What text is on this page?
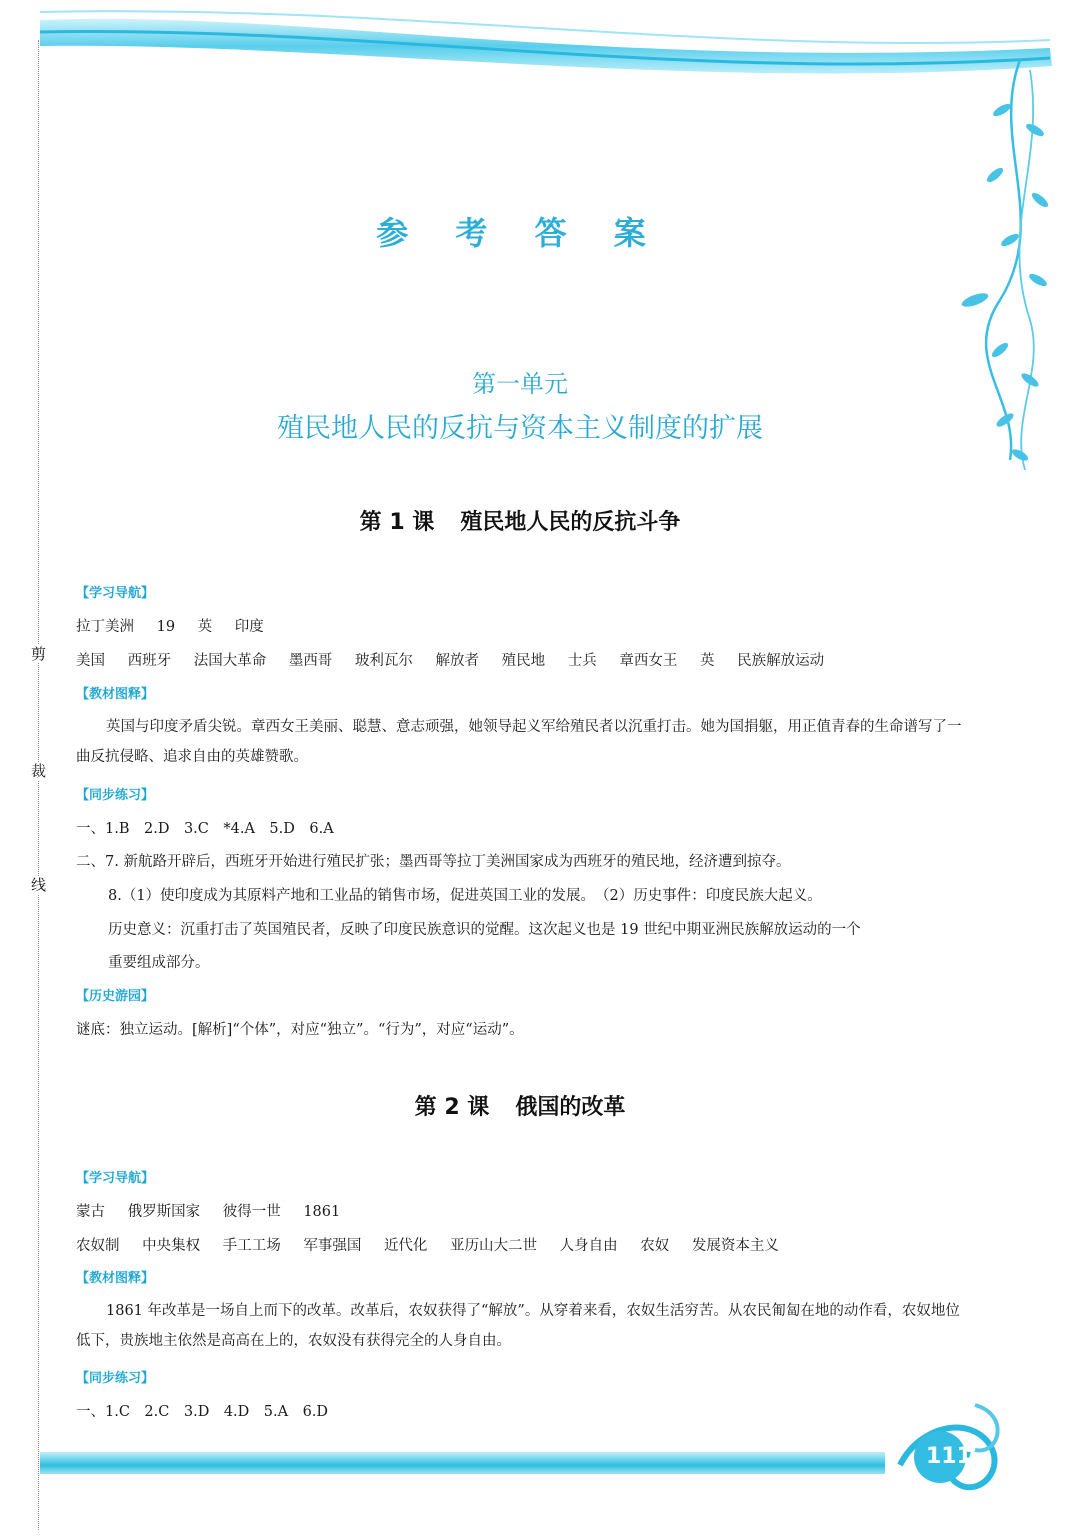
剪
裁
线
参 考 答 案
第一单元
殖民地人民的反抗与资本主义制度的扩展
第 1 课 殖民地人民的反抗斗争
【学习导航】
拉丁美洲 19 英 印度
美国 西班牙 法国大革命 墨西哥 玻利瓦尔 解放者 殖民地 士兵 章西女王 英 民族解放运动
【教材图释】
英国与印度矛盾尖锐。章西女王美丽、聪慧、意志顽强，她领导起义军给殖民者以沉重打击。她为国捐躯，用正值青春的生命谱写了一曲反抗侵略、追求自由的英雄赞歌。
【同步练习】
一、1.B　2.D　3.C　*4.A　5.D　6.A
二、7. 新航路开辟后，西班牙开始进行殖民扩张；墨西哥等拉丁美洲国家成为西班牙的殖民地，经济遭到掠夺。
8.（1）使印度成为其原料产地和工业品的销售市场，促进英国工业的发展。　（2）历史事件：印度民族大起义。
历史意义：沉重打击了英国殖民者，反映了印度民族意识的觉醒。这次起义也是 19 世纪中期亚洲民族解放运动的一个
重要组成部分。
【历史游园】
谜底：独立运动。[解析]“个体”，对应“独立”。“行为”，对应“运动”。
第 2 课 俄国的改革
【学习导航】
蒙古 俄罗斯国家 彼得一世 1861
农奴制 中央集权 手工工场 军事强国 近代化 亚历山大二世 人身自由 农奴 发展资本主义
【教材图释】
1861 年改革是一场自上而下的改革。改革后，农奴获得了“解放”。从穿着来看，农奴生活穷苦。从农民匍匐在地的动作看，农奴地位低下，贵族地主依然是高高在上的，农奴没有获得完全的人身自由。
【同步练习】
一、1.C　2.C　3.D　4.D　5.A　6.D
111
